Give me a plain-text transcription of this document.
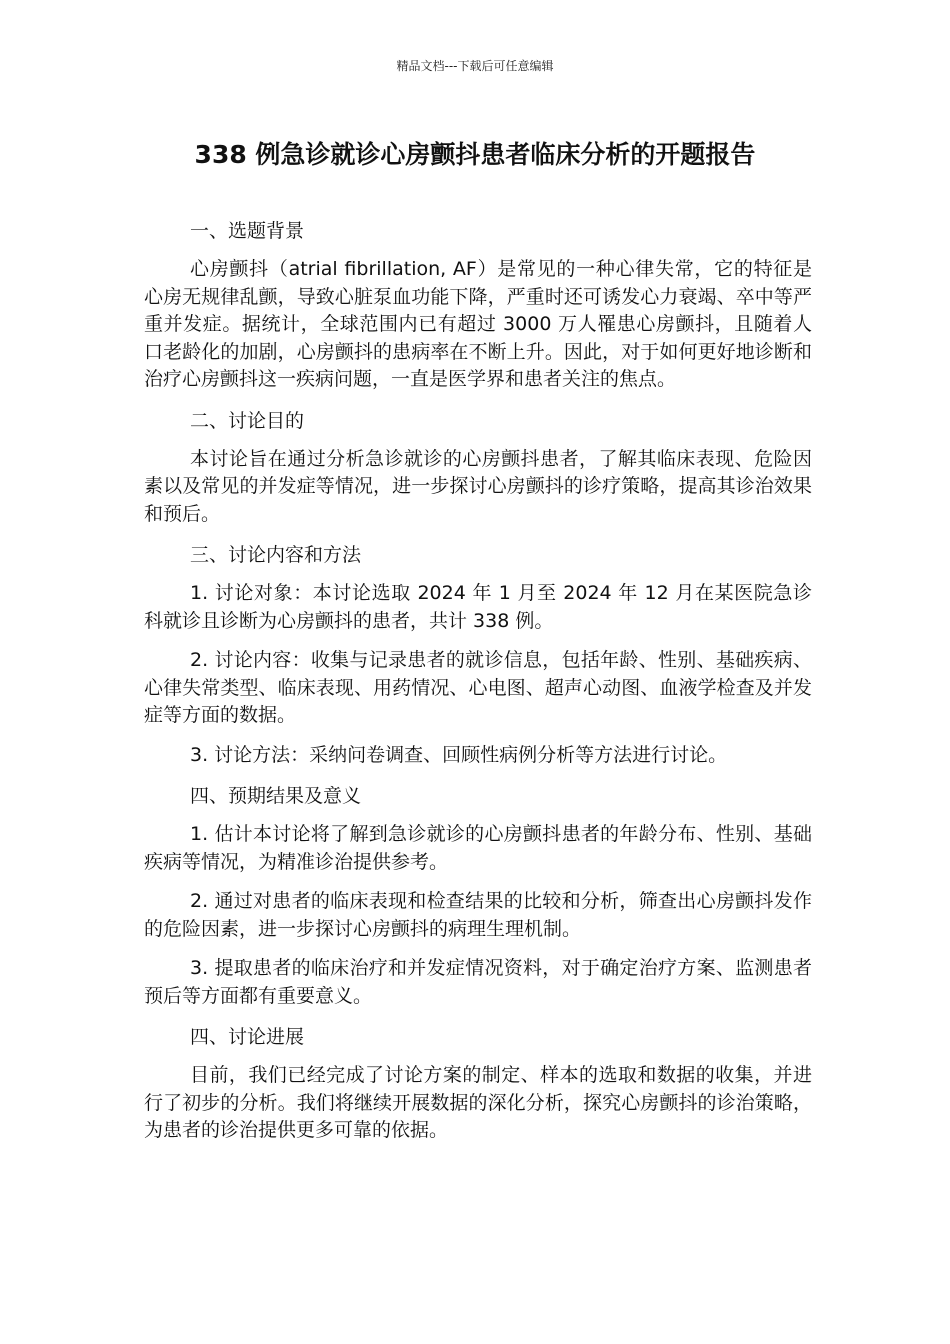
精品文档---下载后可任意编辑
338 例急诊就诊心房颤抖患者临床分析的开题报告

一、选题背景

心房颤抖（atrial fibrillation, AF）是常见的一种心律失常，它的特征是心房无规律乱颤，导致心脏泵血功能下降，严重时还可诱发心力衰竭、卒中等严重并发症。据统计，全球范围内已有超过 3000 万人罹患心房颤抖，且随着人口老龄化的加剧，心房颤抖的患病率在不断上升。因此，对于如何更好地诊断和治疗心房颤抖这一疾病问题，一直是医学界和患者关注的焦点。

二、讨论目的

本讨论旨在通过分析急诊就诊的心房颤抖患者，了解其临床表现、危险因素以及常见的并发症等情况，进一步探讨心房颤抖的诊疗策略，提高其诊治效果和预后。

三、讨论内容和方法

1. 讨论对象：本讨论选取 2024 年 1 月至 2024 年 12 月在某医院急诊科就诊且诊断为心房颤抖的患者，共计 338 例。

2. 讨论内容：收集与记录患者的就诊信息，包括年龄、性别、基础疾病、心律失常类型、临床表现、用药情况、心电图、超声心动图、血液学检查及并发症等方面的数据。

3. 讨论方法：采纳问卷调查、回顾性病例分析等方法进行讨论。

四、预期结果及意义

1. 估计本讨论将了解到急诊就诊的心房颤抖患者的年龄分布、性别、基础疾病等情况，为精准诊治提供参考。

2. 通过对患者的临床表现和检查结果的比较和分析，筛查出心房颤抖发作的危险因素，进一步探讨心房颤抖的病理生理机制。

3. 提取患者的临床治疗和并发症情况资料，对于确定治疗方案、监测患者预后等方面都有重要意义。

四、讨论进展

目前，我们已经完成了讨论方案的制定、样本的选取和数据的收集，并进行了初步的分析。我们将继续开展数据的深化分析，探究心房颤抖的诊治策略，为患者的诊治提供更多可靠的依据。
